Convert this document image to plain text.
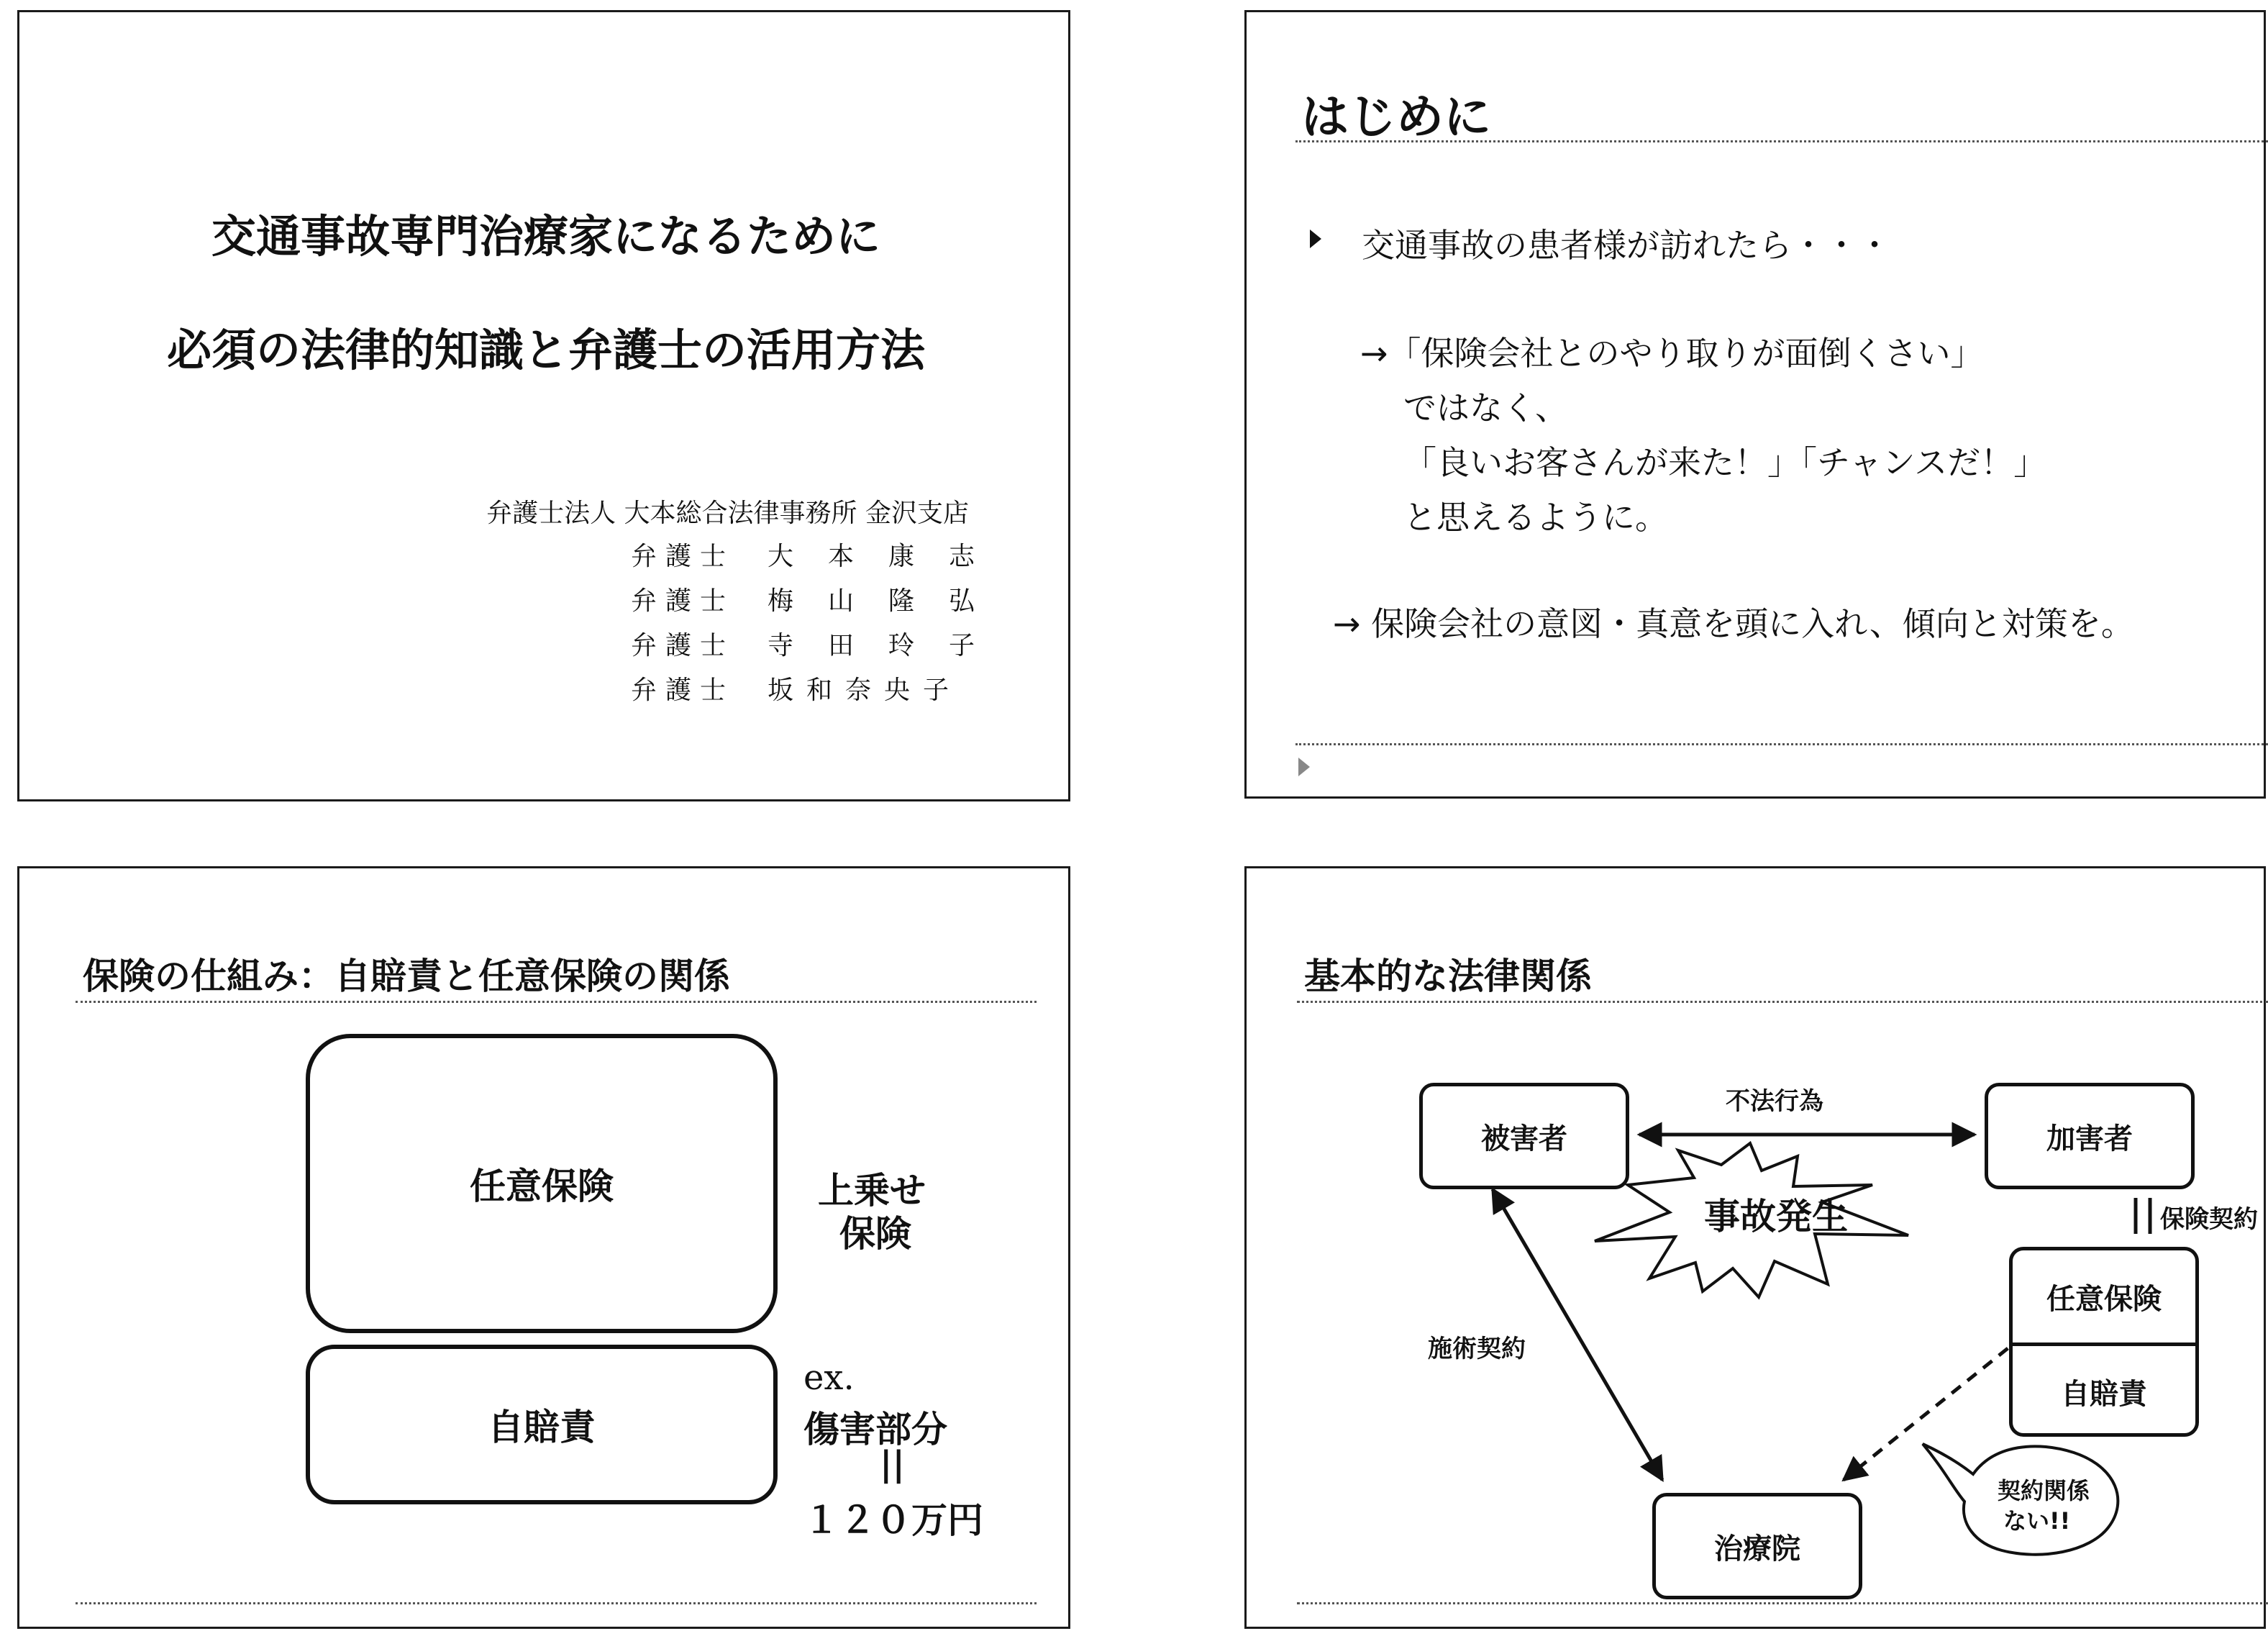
交通事故専門治療家になるために
必須の法律的知識と弁護士の活用方法
弁護士法人 大本総合法律事務所 金沢支店
弁護士 大本康志
弁護士 梅山隆弘
弁護士 寺田玲子
弁護士 坂和奈央子
はじめに
交通事故の患者様が訪れたら・・・
→「保険会社とのやり取りが面倒くさい」
ではなく、
「良いお客さんが来た！」「チャンスだ！」
と思えるように。
→ 保険会社の意図・真意を頭に入れ、傾向と対策を。
保険の仕組み：自賠責と任意保険の関係
任意保険
自賠責
上乗せ
保険
ex.
傷害部分
||
１２０万円
基本的な法律関係
被害者	加害者
不法行為
事故発生	保険契約
任意保険
自賠責
施術契約
治療院
契約関係
ない!!
